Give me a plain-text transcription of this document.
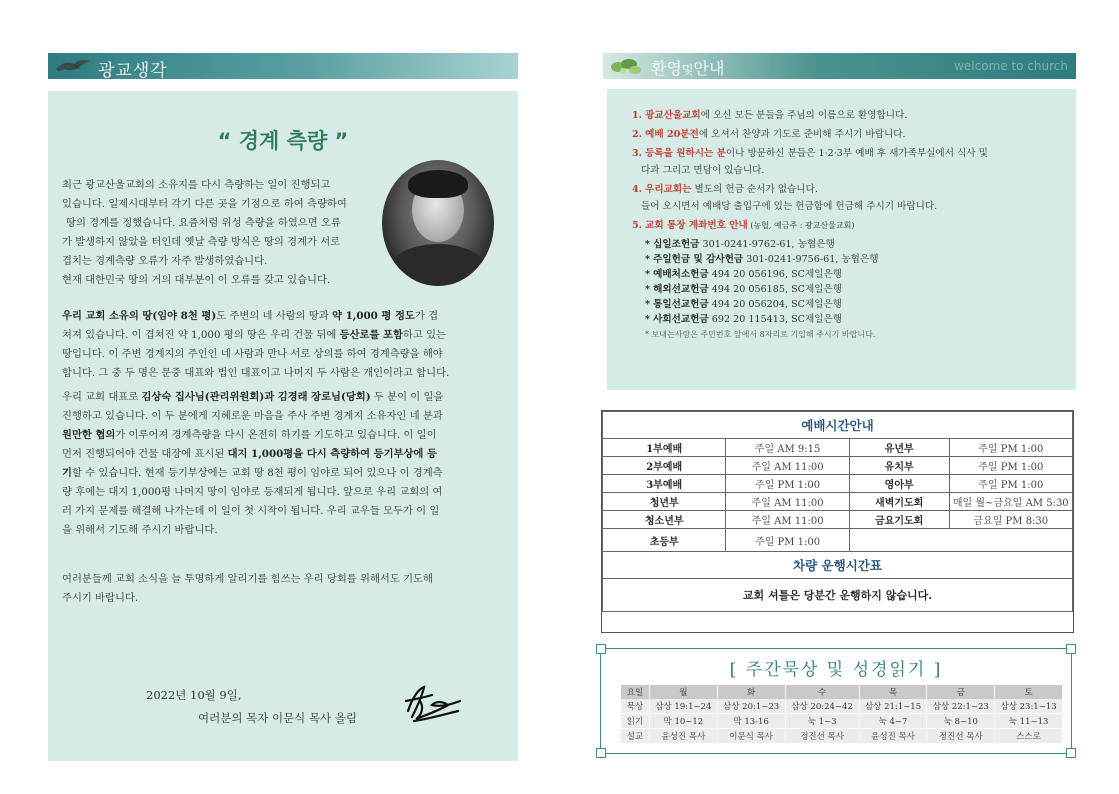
광교생각
“ 경계 측량 ”
최근 광교산울교회의 소유지를 다시 측량하는 일이 진행되고
있습니다. 일제시대부터 각기 다른 곳을 기점으로 하여 측량하여
땅의 경계를 정했습니다. 요즘처럼 위성 측량을 하였으면 오류
가 발생하지 않았을 터인데 옛날 측량 방식은 땅의 경계가 서로
겹치는 경계측량 오류가 자주 발생하였습니다.
현재 대한민국 땅의 거의 대부분이 이 오류를 갖고 있습니다.
우리 교회 소유의 땅(임야 8천 평)도 주변의 네 사람의 땅과 약 1,000 평 정도가 겹
쳐져 있습니다. 이 겹쳐진 약 1,000 평의 땅은 우리 건물 뒤에 등산로를 포함하고 있는
땅입니다. 이 주변 경계지의 주인인 네 사람과 만나 서로 상의를 하여 경계측량을 해야
합니다. 그 중 두 명은 문중 대표와 법인 대표이고 나머지 두 사람은 개인이라고 합니다.
우리 교회 대표로 김상숙 집사님(관리위원회)과 김경래 장로님(당회) 두 분이 이 일을
진행하고 있습니다. 이 두 분에게 지혜로운 마음을 주사 주변 경계지 소유자인 네 분과
원만한 협의가 이루어져 경계측량을 다시 온전히 하기를 기도하고 있습니다. 이 일이
먼저 진행되어야 건물 대장에 표시된 대지 1,000평을 다시 측량하여 등기부상에 등
기할 수 있습니다. 현재 등기부상에는 교회 땅 8천 평이 임야로 되어 있으나 이 경계측
량 후에는 대지 1,000평 나머지 땅이 임야로 등재되게 됩니다. 앞으로 우리 교회의 여
러 가지 문제를 해결해 나가는데 이 일이 첫 시작이 됩니다. 우리 교우들 모두가 이 일
을 위해서 기도해 주시기 바랍니다.
여러분들께 교회 소식을 늘 투명하게 알리기를 힘쓰는 우리 당회를 위해서도 기도해
주시기 바랍니다.
2022년 10월 9일,
여러분의 목자 이문식 목사 올림
환영및안내	welcome to church
1. 광교산울교회에 오신 모든 분들을 주님의 이름으로 환영합니다.
2. 예배 20분전에 오셔서 찬양과 기도로 준비해 주시기 바랍니다.
3. 등록을 원하시는 분이나 방문하신 분들은 1·2·3부 예배 후 새가족부실에서 식사 및
다과 그리고 면담이 있습니다.
4. 우리교회는 별도의 헌금 순서가 없습니다.
들어 오시면서 예배당 출입구에 있는 헌금함에 헌금해 주시기 바랍니다.
5. 교회 통장 계좌번호 안내 (농협, 예금주 : 광교산울교회)
* 십일조헌금 301-0241-9762-61, 농협은행
* 주일헌금 및 감사헌금 301-0241-9756-61, 농협은행
* 예배처소헌금 494 20 056196, SC제일은행
* 해외선교헌금 494 20 056185, SC제일은행
* 통일선교헌금 494 20 056204, SC제일은행
* 사회선교헌금 692 20 115413, SC제일은행
* 보내는사람은 주민번호 앞에서 8자리로 기입해 주시기 바랍니다.
예배시간안내			
1부예배	주일 AM 9:15	유년부	주일 PM 1:00
2부예배	주일 AM 11:00	유치부	주일 PM 1:00
3부예배	주일 PM 1:00	영아부	주일 PM 1:00
청년부	주일 AM 11:00	새벽기도회	매일 월~금요일 AM 5:30
청소년부	주일 AM 11:00	금요기도회	금요일 PM 8:30
초등부	주일 PM 1:00		
차량 운행시간표			
교회 셔틀은 당분간 운행하지 않습니다.			
[ 주간묵상 및 성경읽기 ]
요일	월	화	수	목	금	토
묵상	삼상 19:1~24	삼상 20:1~23	삼상 20:24~42	삼상 21:1~15	삼상 22:1~23	삼상 23:1~13
읽기	막 10~12	막 13-16	눅 1~3	눅 4~7	눅 8~10	눅 11~13
설교	윤성진 목사	이문식 목사	정진선 목사	윤성진 목사	정진선 목사	스스로
